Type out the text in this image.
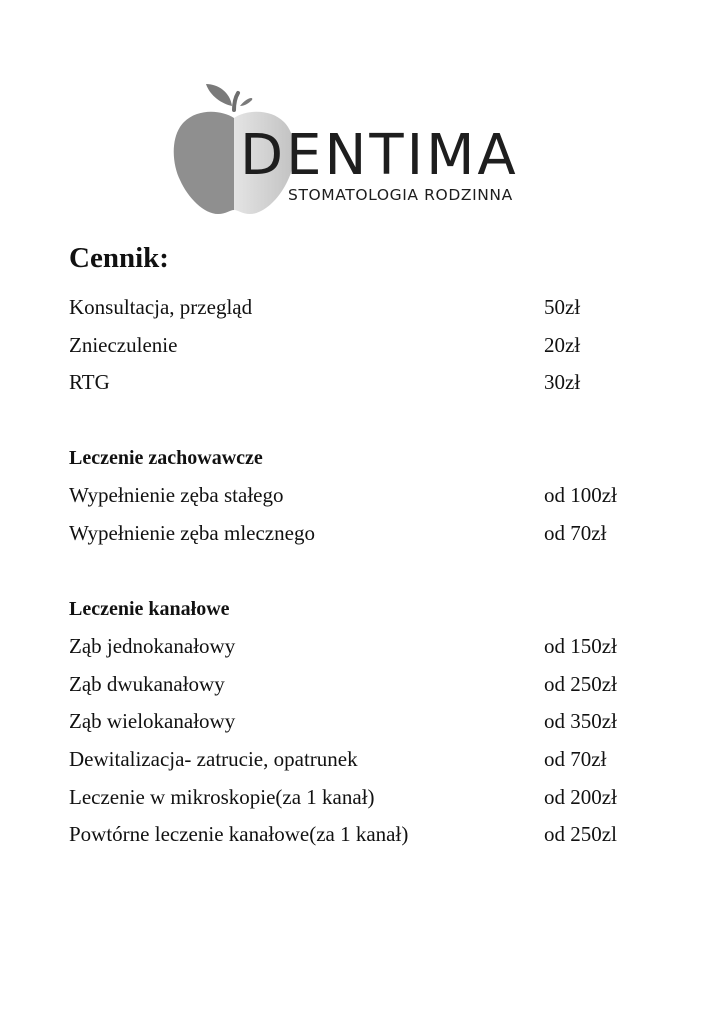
DENTIMA
STOMATOLOGIA RODZINNA
Cennik:
Konsultacja, przegląd	50zł
Znieczulenie	20zł
RTG	30zł
Leczenie zachowawcze
Wypełnienie zęba stałego	od 100zł
Wypełnienie zęba mlecznego	od 70zł
Leczenie kanałowe
Ząb jednokanałowy	od 150zł
Ząb dwukanałowy	od 250zł
Ząb wielokanałowy	od 350zł
Dewitalizacja- zatrucie, opatrunek	od 70zł
Leczenie w mikroskopie(za 1 kanał)	od 200zł
Powtórne leczenie kanałowe(za 1 kanał)	od 250zl
